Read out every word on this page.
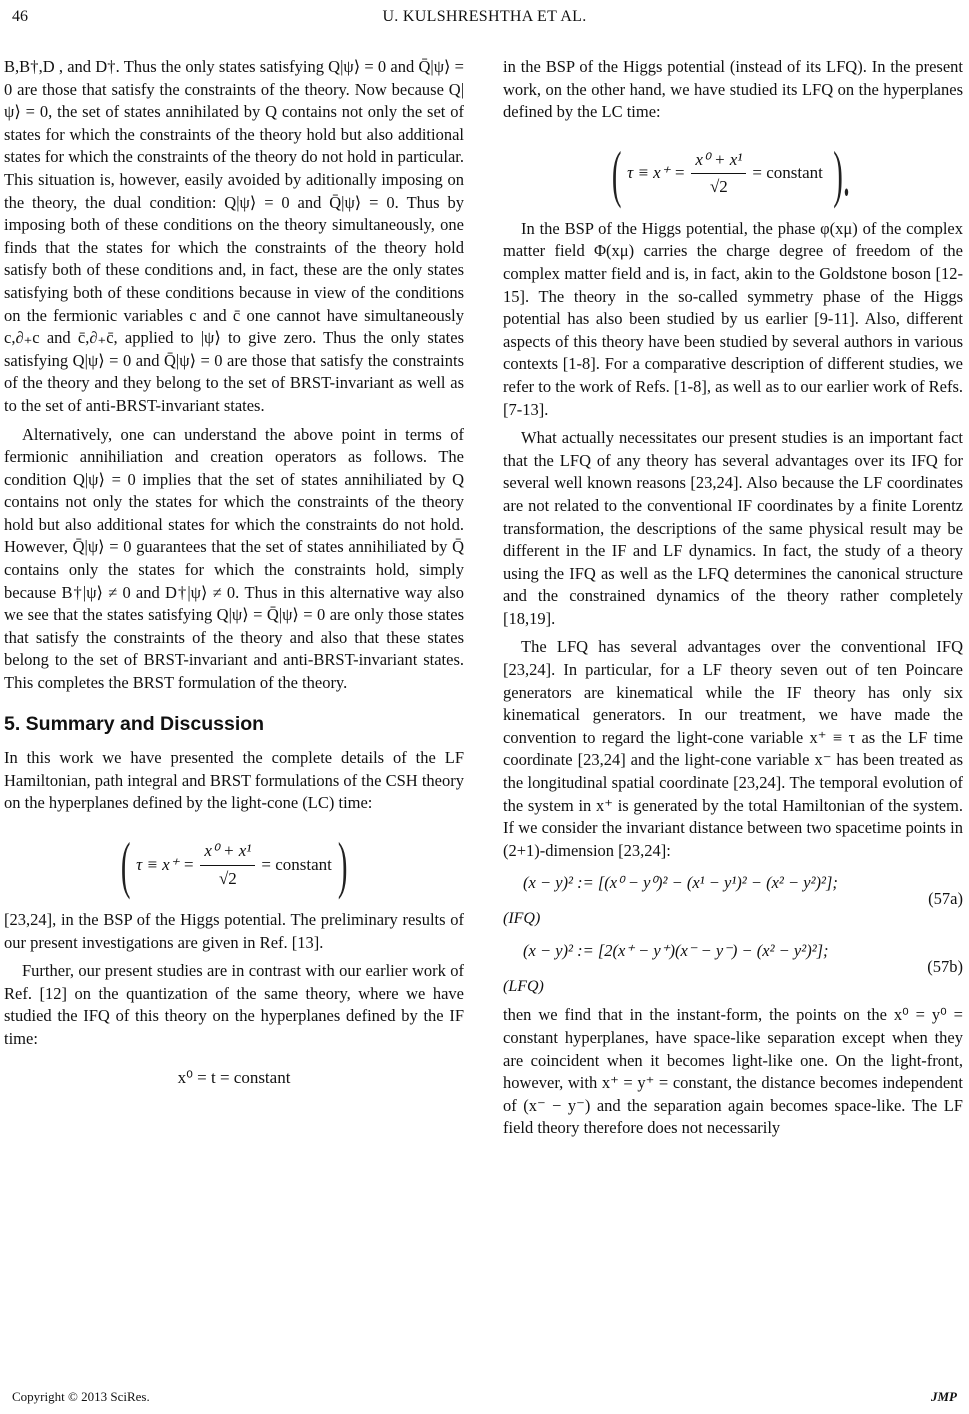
46	U. KULSHRESHTHA ET AL.

B,B†,D , and D†. Thus the only states satisfying Q|ψ⟩ = 0 and Q̄|ψ⟩ = 0 are those that satisfy the constraints of the theory. Now because Q|ψ⟩ = 0, the set of states annihilated by Q contains not only the set of states for which the constraints of the theory hold but also additional states for which the constraints of the theory do not hold in particular. This situation is, however, easily avoided by aditionally imposing on the theory, the dual condition: Q|ψ⟩ = 0 and Q̄|ψ⟩ = 0. Thus by imposing both of these conditions on the theory simultaneously, one finds that the states for which the constraints of the theory hold satisfy both of these conditions and, in fact, these are the only states satisfying both of these conditions because in view of the conditions on the fermionic variables c and c̄ one cannot have simultaneously c,∂₊c and c̄,∂₊c̄, applied to |ψ⟩ to give zero. Thus the only states satisfying Q|ψ⟩ = 0 and Q̄|ψ⟩ = 0 are those that satisfy the constraints of the theory and they belong to the set of BRST-invariant as well as to the set of anti-BRST-invariant states.

Alternatively, one can understand the above point in terms of fermionic annihiliation and creation operators as follows. The condition Q|ψ⟩ = 0 implies that the set of states annihiliated by Q contains not only the states for which the constraints of the theory hold but also additional states for which the constraints do not hold. However, Q̄|ψ⟩ = 0 guarantees that the set of states annihiliated by Q̄ contains only the states for which the constraints hold, simply because B†|ψ⟩ ≠ 0 and D†|ψ⟩ ≠ 0. Thus in this alternative way also we see that the states satisfying Q|ψ⟩ = Q̄|ψ⟩ = 0 are only those states that satisfy the constraints of the theory and also that these states belong to the set of BRST-invariant and anti-BRST-invariant states. This completes the BRST formulation of the theory.

5. Summary and Discussion

In this work we have presented the complete details of the LF Hamiltonian, path integral and BRST formulations of the CSH theory on the hyperplanes defined by the light-cone (LC) time:

( $\tau \equiv x^+ = \frac{\text{x⁰ + x¹}}{√2}$ = constant )

[23,24], in the BSP of the Higgs potential. The preliminary results of our present investigations are given in Ref. [13].

Further, our present studies are in contrast with our earlier work of Ref. [12] on the quantization of the same theory, where we have studied the IFQ of this theory on the hyperplanes defined by the IF time:

x⁰ = t = constant

in the BSP of the Higgs potential (instead of its LFQ). In the present work, on the other hand, we have studied its LFQ on the hyperplanes defined by the LC time:

( $\tau \equiv x^+ = \frac{\text{x⁰ + x¹}}{√2}$ = constant ).

In the BSP of the Higgs potential, the phase φ(xμ) of the complex matter field Φ(xμ) carries the charge degree of freedom of the complex matter field and is, in fact, akin to the Goldstone boson [12-15]. The theory in the so-called symmetry phase of the Higgs potential has also been studied by us earlier [9-11]. Also, different aspects of this theory have been studied by several authors in various contexts [1-8]. For a comparative description of different studies, we refer to the work of Refs. [1-8], as well as to our earlier work of Refs. [7-13].

What actually necessitates our present studies is an important fact that the LFQ of any theory has several advantages over its IFQ for several well known reasons [23,24]. Also because the LF coordinates are not related to the conventional IF coordinates by a finite Lorentz transformation, the descriptions of the same physical result may be different in the IF and LF dynamics. In fact, the study of a theory using the IFQ as well as the LFQ determines the canonical structure and the constrained dynamics of the theory rather completely [18,19].

The LFQ has several advantages over the conventional IFQ [23,24]. In particular, for a LF theory seven out of ten Poincare generators are kinematical while the IF theory has only six kinematical generators. In our treatment, we have made the convention to regard the light-cone variable x⁺ ≡ τ as the LF time coordinate [23,24] and the light-cone variable x⁻ has been treated as the longitudinal spatial coordinate [23,24]. The temporal evolution of the system in x⁺ is generated by the total Hamiltonian of the system. If we consider the invariant distance between two spacetime points in (2+1)-dimension [23,24]:

(x − y)² := [(x⁰ − y⁰)² − (x¹ − y¹)² − (x² − y²)²];
(57a)
(IFQ)
(x − y)² := [2(x⁺ − y⁺)(x⁻ − y⁻) − (x² − y²)²];
(57b)
(LFQ)

then we find that in the instant-form, the points on the x⁰ = y⁰ = constant hyperplanes, have space-like separation except when they are coincident when it becomes light-like one. On the light-front, however, with x⁺ = y⁺ = constant, the distance becomes independent of (x⁻ − y⁻) and the separation again becomes space-like. The LF field theory therefore does not necessarily

Copyright © 2013 SciRes.	JMP
